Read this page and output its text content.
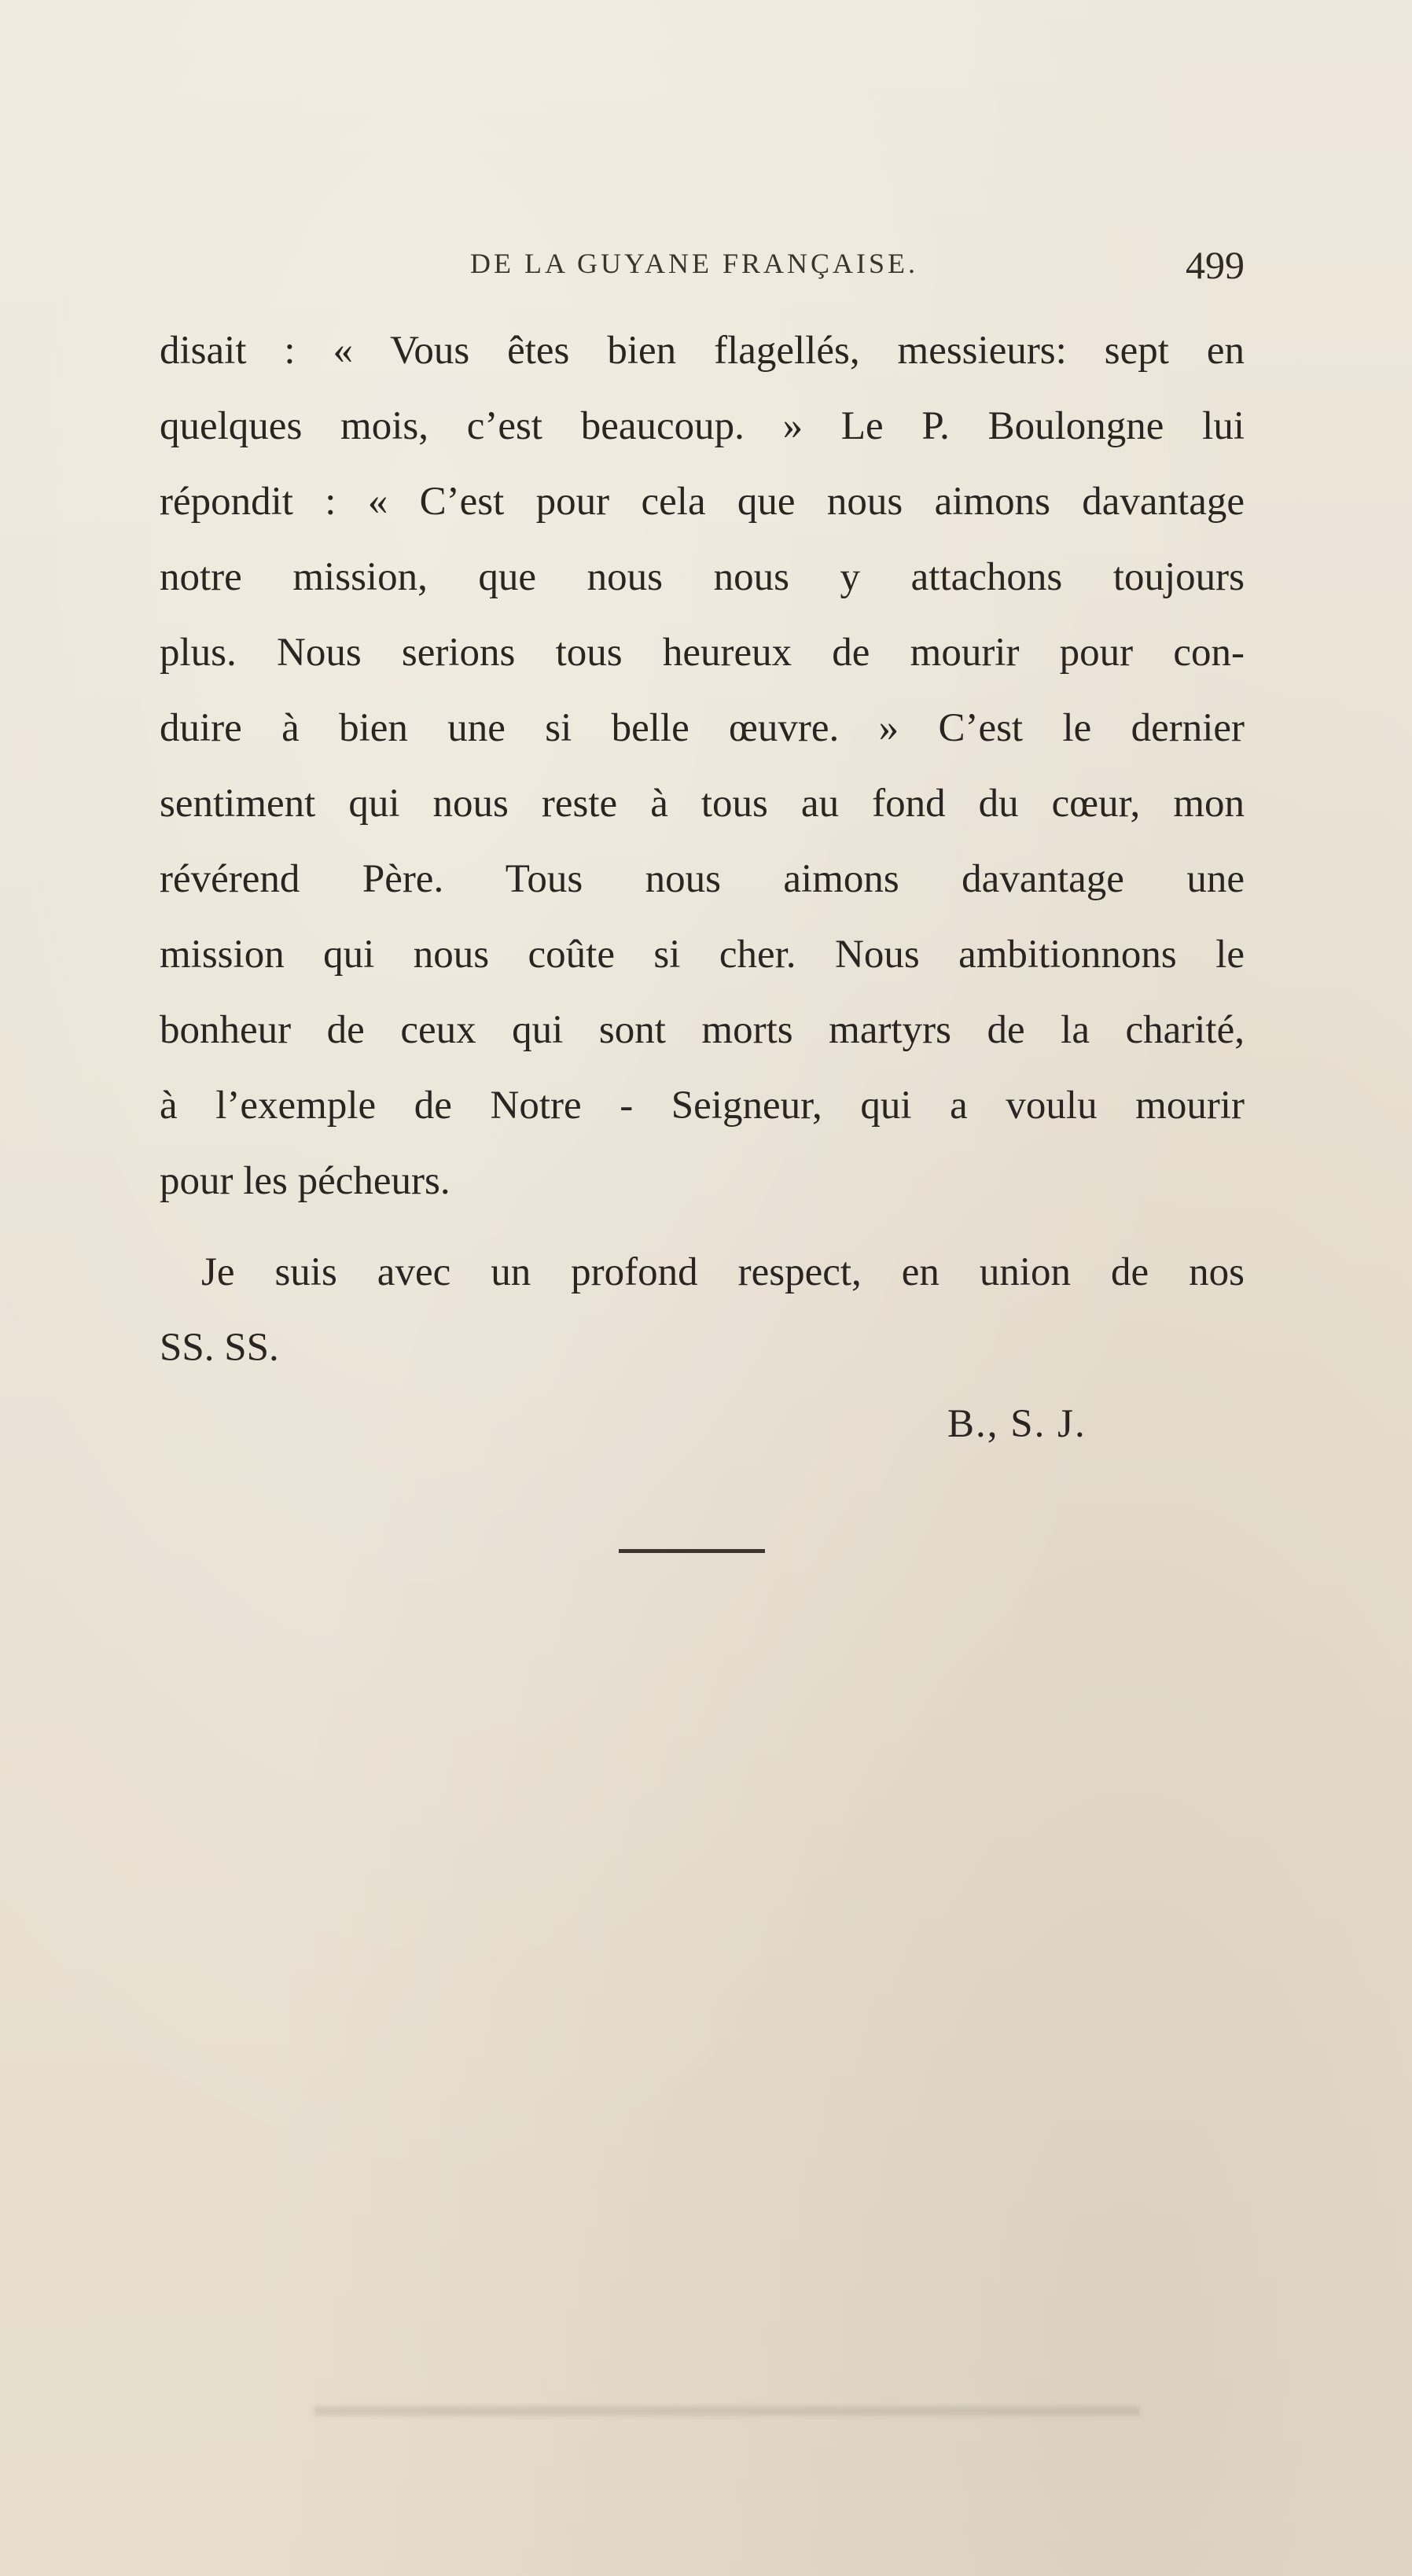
DE LA GUYANE FRANÇAISE.	499
disait : « Vous êtes bien flagellés, messieurs: sept en
quelques mois, c’est beaucoup. » Le P. Boulongne lui
répondit : « C’est pour cela que nous aimons davantage
notre mission, que nous nous y attachons toujours
plus. Nous serions tous heureux de mourir pour con-
duire à bien une si belle œuvre. » C’est le dernier
sentiment qui nous reste à tous au fond du cœur, mon
révérend Père. Tous nous aimons davantage une
mission qui nous coûte si cher. Nous ambitionnons le
bonheur de ceux qui sont morts martyrs de la charité,
à l’exemple de Notre - Seigneur, qui a voulu mourir
pour les pécheurs.
Je suis avec un profond respect, en union de nos
SS. SS.
B., S. J.
